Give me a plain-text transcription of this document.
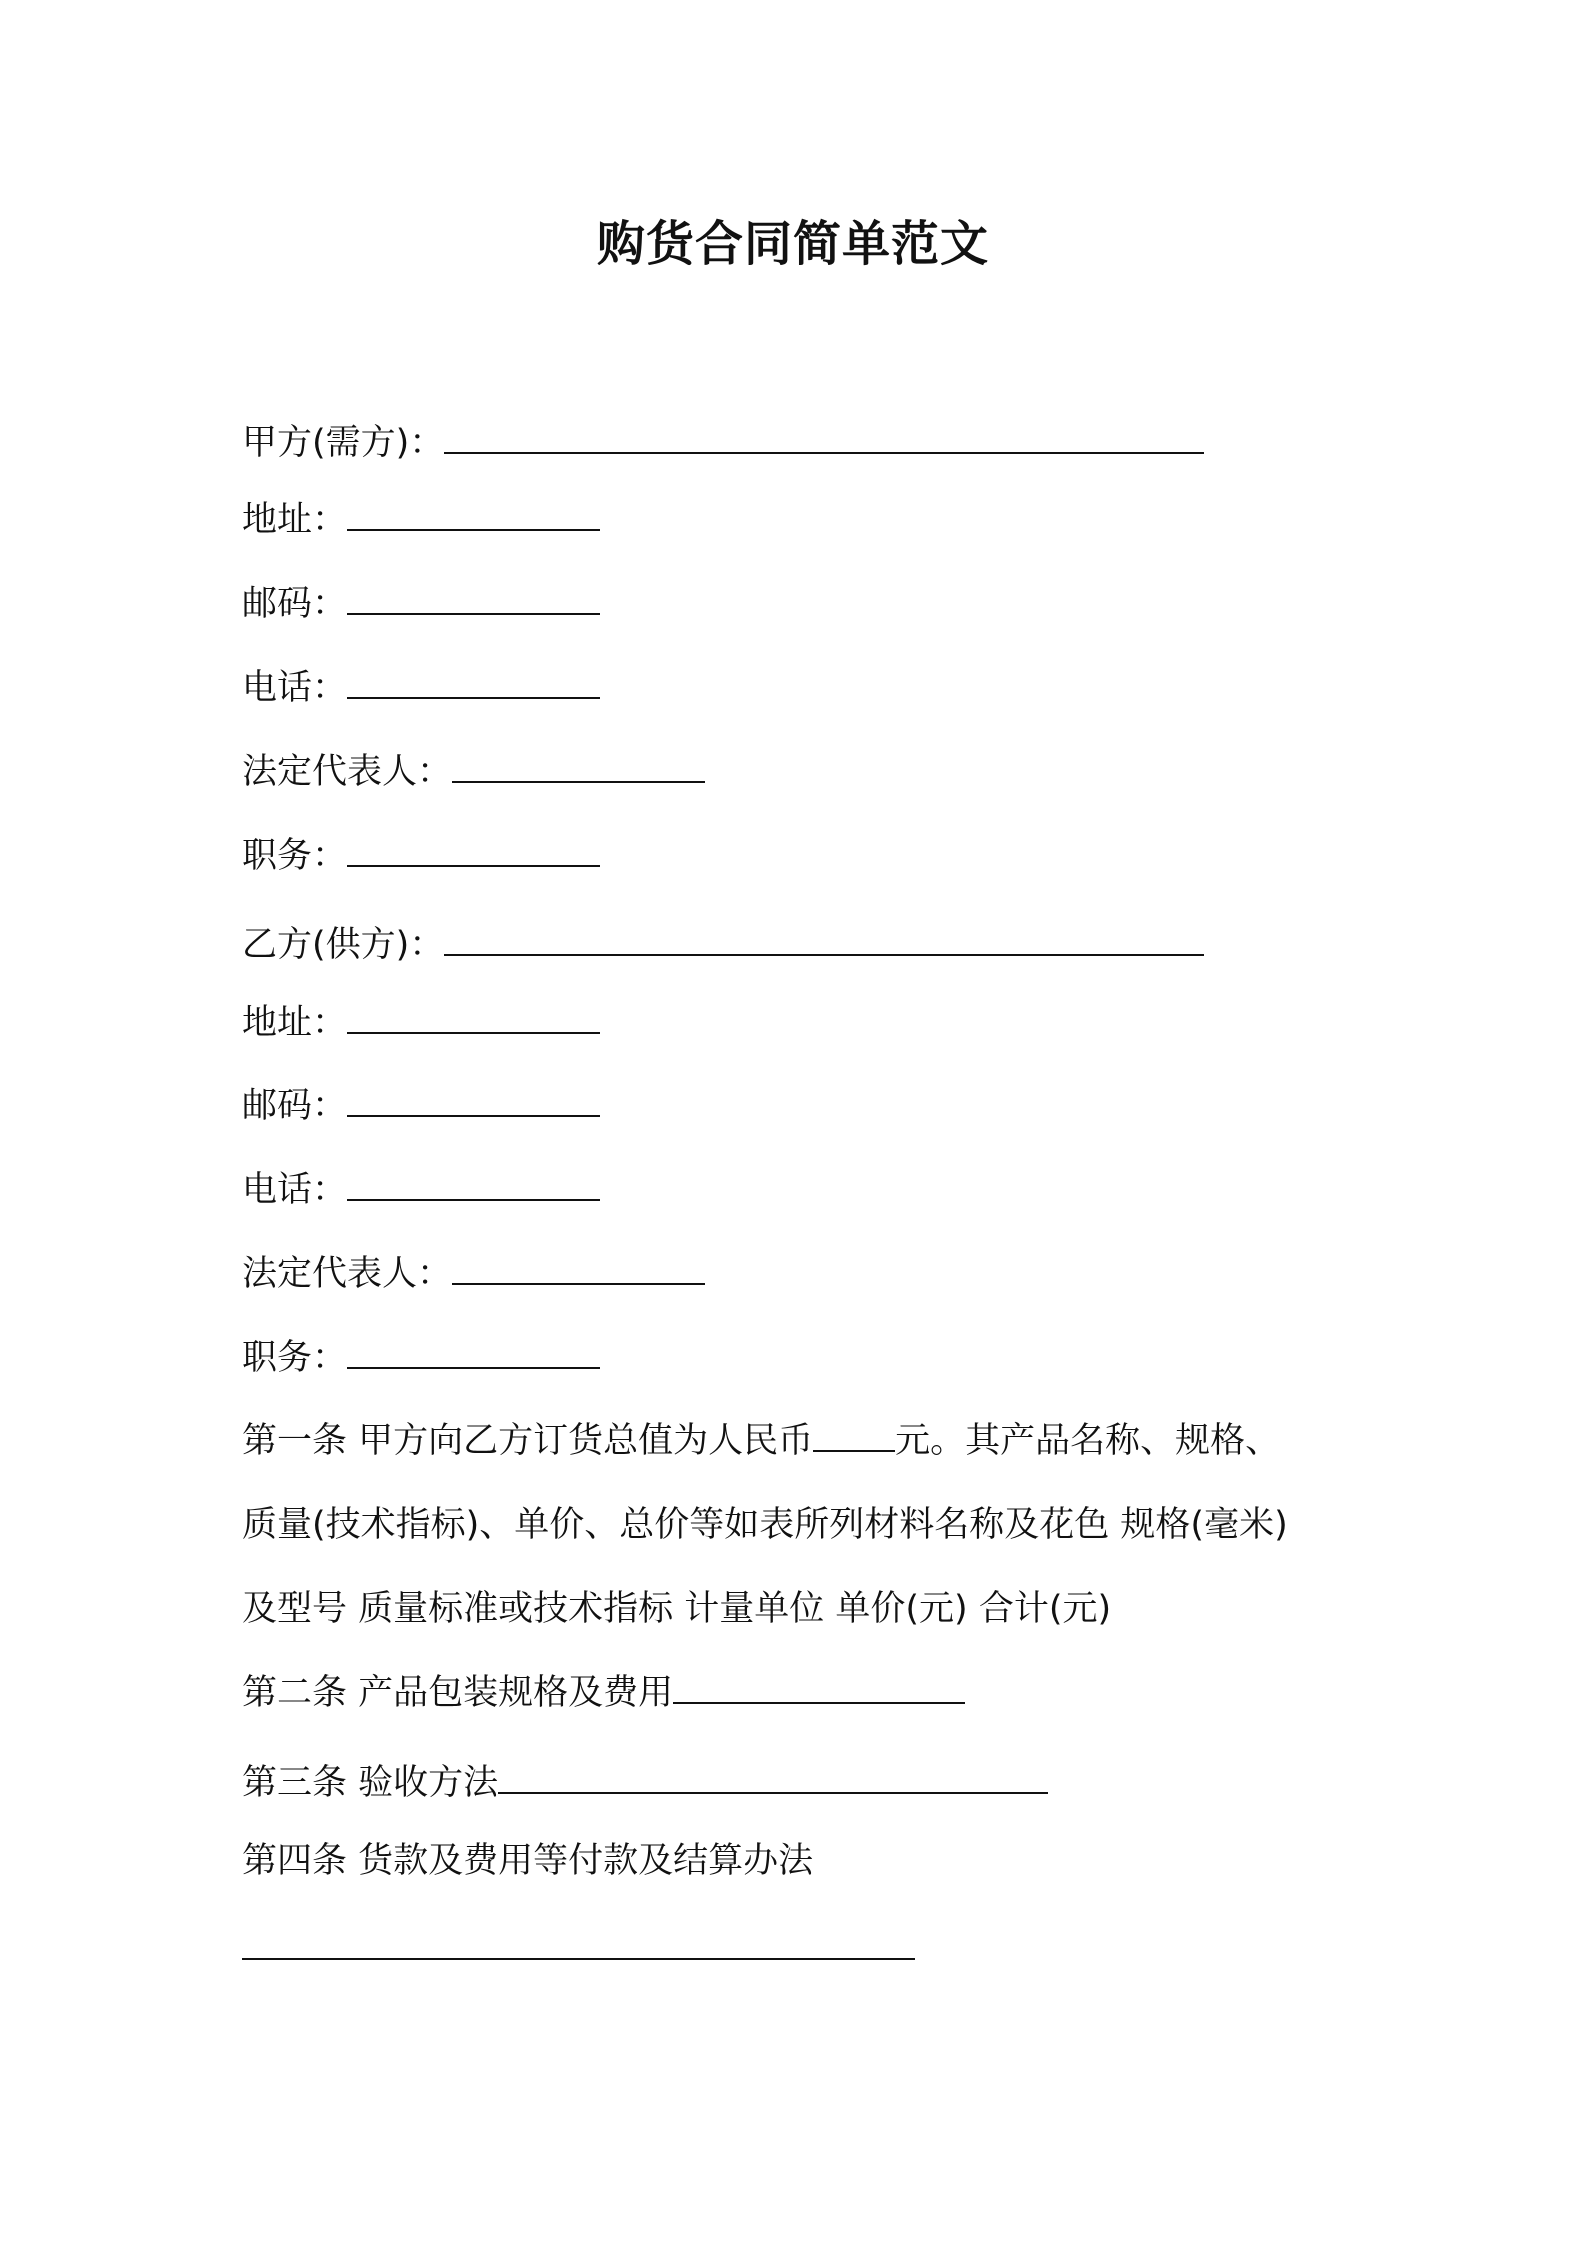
购货合同简单范文
甲方(需方)：
地址：
邮码：
电话：
法定代表人：
职务：
乙方(供方)：
地址：
邮码：
电话：
法定代表人：
职务：
第一条 甲方向乙方订货总值为人民币 元。其产品名称、规格、
质量(技术指标)、单价、总价等如表所列材料名称及花色 规格(毫米)
及型号 质量标准或技术指标 计量单位 单价(元) 合计(元)
第二条 产品包装规格及费用
第三条 验收方法
第四条 货款及费用等付款及结算办法
